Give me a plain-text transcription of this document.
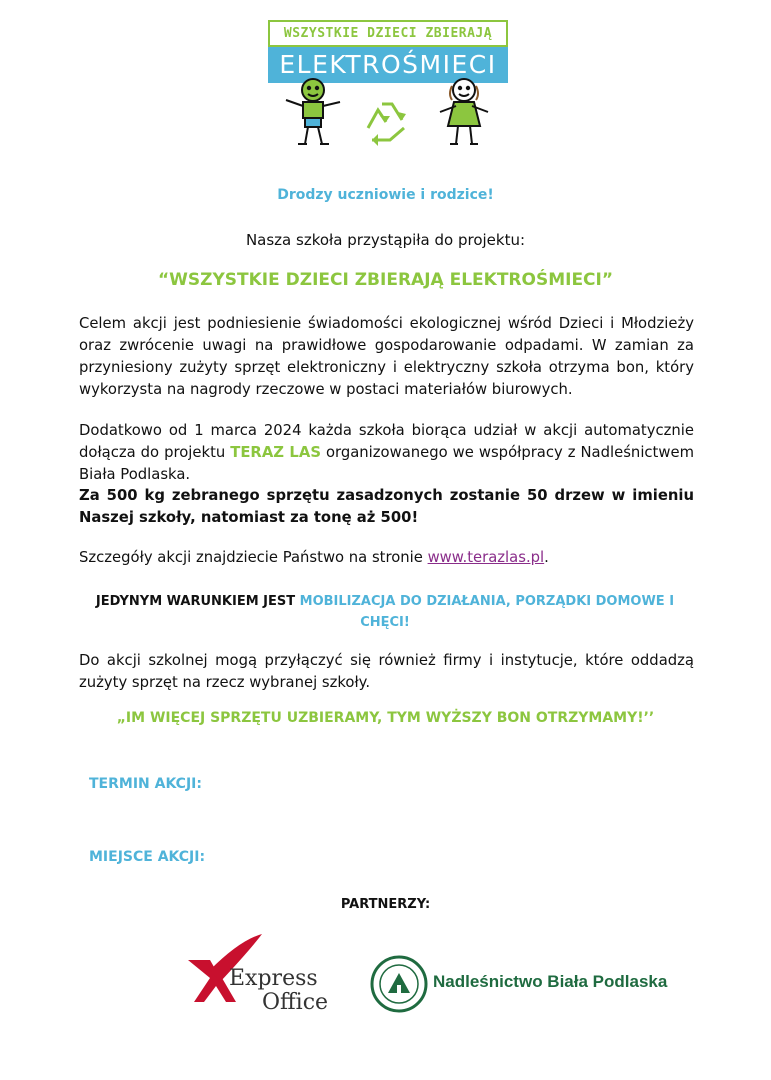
WSZYSTKIE DZIECI ZBIERAJĄ
ELEKTROŚMIECI
Drodzy uczniowie i rodzice!
Nasza szkoła przystąpiła do projektu:
“WSZYSTKIE DZIECI ZBIERAJĄ ELEKTROŚMIECI”
Celem akcji jest podniesienie świadomości ekologicznej wśród Dzieci i Młodzieży oraz zwrócenie uwagi na prawidłowe gospodarowanie odpadami. W zamian za przyniesiony zużyty sprzęt elektroniczny i elektryczny szkoła otrzyma bon, który wykorzysta na nagrody rzeczowe w postaci materiałów biurowych.
Dodatkowo od 1 marca 2024 każda szkoła biorąca udział w akcji automatycznie dołącza do projektu TERAZ LAS organizowanego we współpracy z Nadleśnictwem Biała Podlaska.
Za 500 kg zebranego sprzętu zasadzonych zostanie 50 drzew w imieniu Naszej szkoły, natomiast za tonę aż 500!
Szczegóły akcji znajdziecie Państwo na stronie www.terazlas.pl.
JEDYNYM WARUNKIEM JEST MOBILIZACJA DO DZIAŁANIA, PORZĄDKI DOMOWE I CHĘCI!
Do akcji szkolnej mogą przyłączyć się również firmy i instytucje, które oddadzą zużyty sprzęt na rzecz wybranej szkoły.
„IM WIĘCEJ SPRZĘTU UZBIERAMY, TYM WYŻSZY BON OTRZYMAMY!’’
TERMIN AKCJI:
MIEJSCE AKCJI:
PARTNERZY:
Express
Office
Nadleśnictwo Biała Podlaska
